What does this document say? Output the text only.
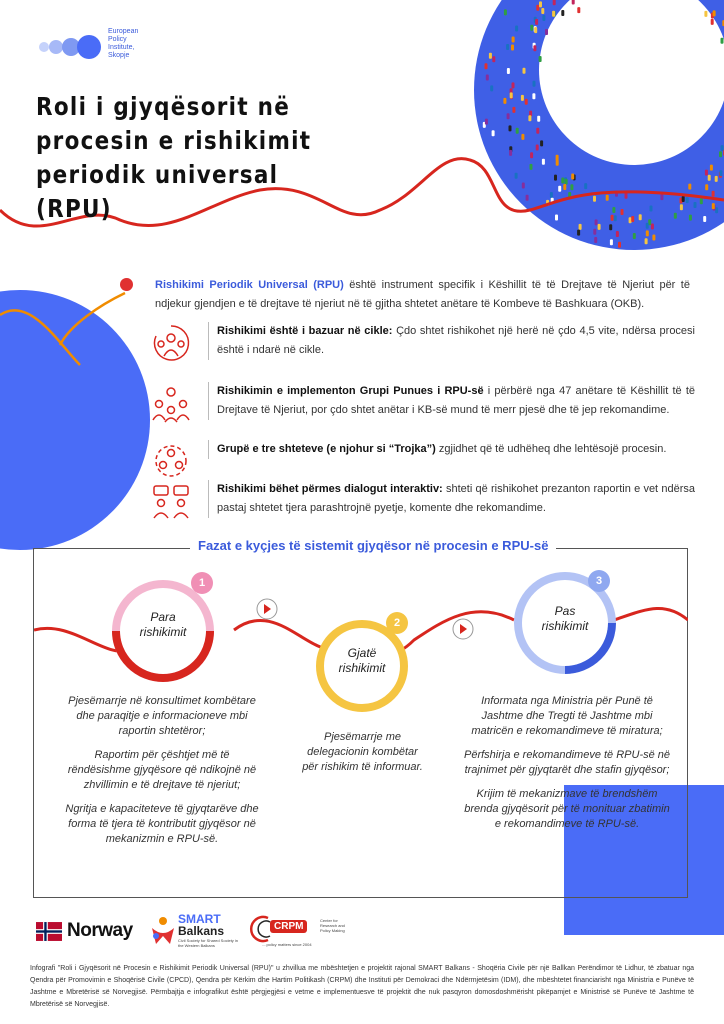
European
Policy
Institute,
Skopje
Roli i gjyqësorit në
procesin e rishikimit
periodik universal (RPU)
Rishikimi Periodik Universal (RPU) është instrument specifik i Këshillit të të Drejtave të Njeriut për të ndjekur gjendjen e të drejtave të njeriut në të gjitha shtetet anëtare të Kombeve të Bashkuara (OKB).
Rishikimi është i bazuar në cikle: Çdo shtet rishikohet një herë në çdo 4,5 vite, ndërsa procesi është i ndarë në cikle.
Rishikimin e implementon Grupi Punues i RPU-së i përbërë nga 47 anëtare të Këshillit të të Drejtave të Njeriut, por çdo shtet anëtar i KB-së mund të merr pjesë dhe të jep rekomandime.
Grupë e tre shteteve (e njohur si “Trojka”) zgjidhet që të udhëheq dhe lehtësojë procesin.
Rishikimi bëhet përmes dialogut interaktiv: shteti që rishikohet prezanton raportin e vet ndërsa pastaj shtetet tjera parashtrojnë pyetje, komente dhe rekomandime.
Fazat e kyçjes të sistemit gjyqësor në procesin e RPU-së
1
Para
rishikimit
2
Gjatë
rishikimit
3
Pas
rishikimit

Pjesëmarrje në konsultimet kombëtare dhe paraqitje e informacioneve mbi raportin shtetëror;

Raportim për çështjet më të rëndësishme gjyqësore që ndikojnë në zhvillimin e të drejtave të njeriut;

Ngritja e kapaciteteve të gjyqtarëve dhe forma të tjera të kontributit gjyqësor në mekanizmin e RPU-së.

Pjesëmarrje me delegacionin kombëtar për rishikim të informuar.

Informata nga Ministria për Punë të Jashtme dhe Tregti të Jashtme mbi matricën e rekomandimeve të miratura;

Përfshirja e rekomandimeve të RPU-së në trajnimet për gjyqtarët dhe stafin gjyqësor;

Krijim të mekanizmave të brendshëm brenda gjyqësorit për të monituar zbatimin e rekomandimeve të RPU-së.

Norway
SMART
Balkans
Civil Society for Shared Society in the Western Balkans
CRPM
Center for Research and Policy Making
....policy matters since 2004
Infografi "Roli i Gjyqësorit në Procesin e Rishikimit Periodik Universal (RPU)" u zhvillua me mbështetjen e projektit rajonal SMART Balkans - Shoqëria Civile për një Ballkan Perëndimor të Lidhur, të zbatuar nga Qendra për Promovimin e Shoqërisë Civile (CPCD), Qendra për Kërkim dhe Hartim Politikash (CRPM) dhe Instituti për Demokraci dhe Ndërmjetësim (IDM), dhe mbështetet financiarisht nga Ministria e Punëve të Jashtme e Mbretërisë së Norvegjisë. Përmbajtja e infografikut është përgjegjësi e vetme e implementuesve të projektit dhe nuk pasqyron domosdoshmërisht pikëpamjet e Ministrisë së Punëve të Jashtme të Mbretërisë së Norvegjisë.
